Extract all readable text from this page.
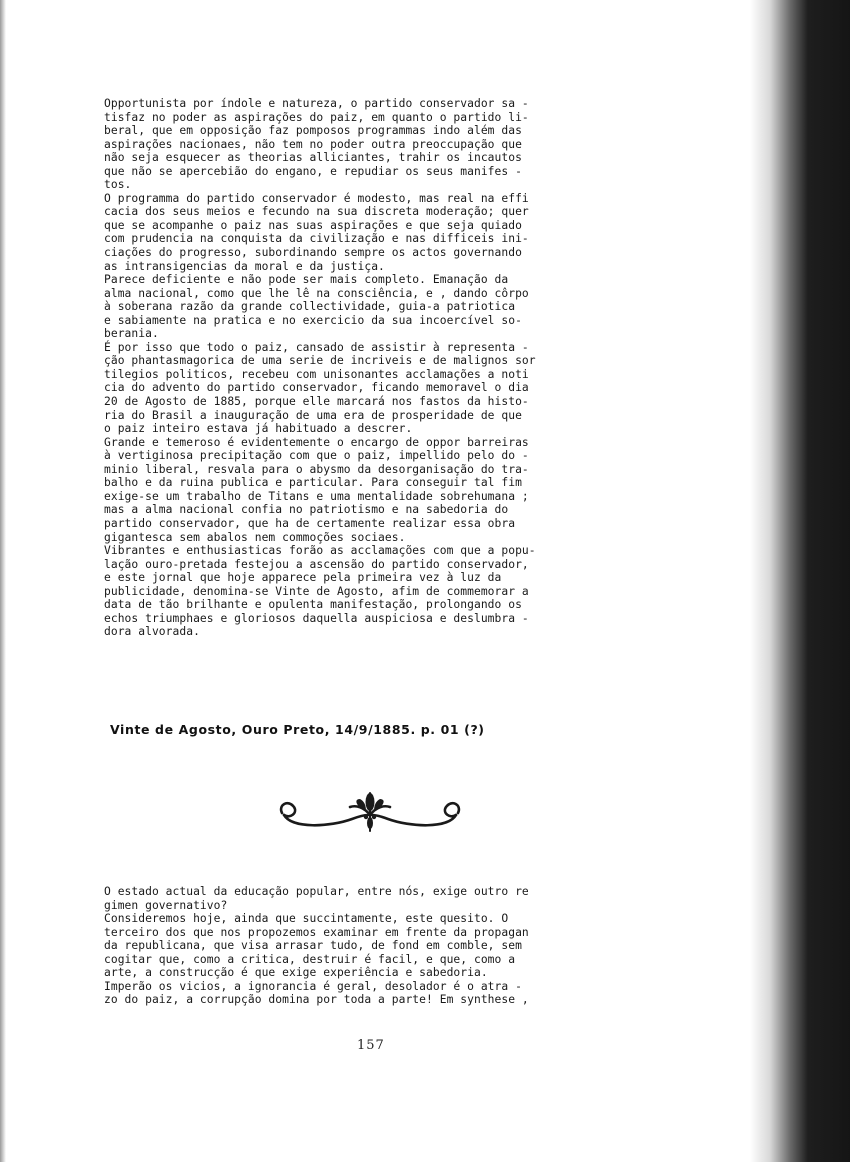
Opportunista por índole e natureza, o partido conservador sa -
tisfaz no poder as aspirações do paiz, em quanto o partido li-
beral, que em opposição faz pomposos programmas indo além das
aspirações nacionaes, não tem no poder outra preoccupação que
não seja esquecer as theorias alliciantes, trahir os incautos
que não se apercebião do engano, e repudiar os seus manifes -
tos.
O programma do partido conservador é modesto, mas real na effi
cacia dos seus meios e fecundo na sua discreta moderação; quer
que se acompanhe o paiz nas suas aspirações e que seja quiado
com prudencia na conquista da civilização e nas difficeis ini-
ciações do progresso, subordinando sempre os actos governando
as intransigencias da moral e da justiça.
Parece deficiente e não pode ser mais completo. Emanação da
alma nacional, como que lhe lê na consciência, e , dando côrpo
à soberana razão da grande collectividade, guia-a patriotica
e sabiamente na pratica e no exercicio da sua incoercível so-
berania.
É por isso que todo o paiz, cansado de assistir à representa -
ção phantasmagorica de uma serie de incriveis e de malignos sor
tilegios politicos, recebeu com unisonantes acclamações a noti
cia do advento do partido conservador, ficando memoravel o dia
20 de Agosto de 1885, porque elle marcará nos fastos da histo-
ria do Brasil a inauguração de uma era de prosperidade de que
o paiz inteiro estava já habituado a descrer.
Grande e temeroso é evidentemente o encargo de oppor barreiras
à vertiginosa precipitação com que o paiz, impellido pelo do -
minio liberal, resvala para o abysmo da desorganisação do tra-
balho e da ruina publica e particular. Para conseguir tal fim
exige-se um trabalho de Titans e uma mentalidade sobrehumana ;
mas a alma nacional confia no patriotismo e na sabedoria do
partido conservador, que ha de certamente realizar essa obra
gigantesca sem abalos nem commoções sociaes.
Vibrantes e enthusiasticas forão as acclamações com que a popu-
lação ouro-pretada festejou a ascensão do partido conservador,
e este jornal que hoje apparece pela primeira vez à luz da
publicidade, denomina-se Vinte de Agosto, afim de commemorar a
data de tão brilhante e opulenta manifestação, prolongando os
echos triumphaes e gloriosos daquella auspiciosa e deslumbra -
dora alvorada.
Vinte de Agosto, Ouro Preto, 14/9/1885. p. 01 (?)
O estado actual da educação popular, entre nós, exige outro re
gimen governativo?
Consideremos hoje, ainda que succintamente, este quesito. O
terceiro dos que nos propozemos examinar em frente da propagan
da republicana, que visa arrasar tudo, de fond em comble, sem
cogitar que, como a critica, destruir é facil, e que, como a
arte, a construcção é que exige experiência e sabedoria.
Imperão os vicios, a ignorancia é geral, desolador é o atra -
zo do paiz, a corrupção domina por toda a parte! Em synthese ,
157
